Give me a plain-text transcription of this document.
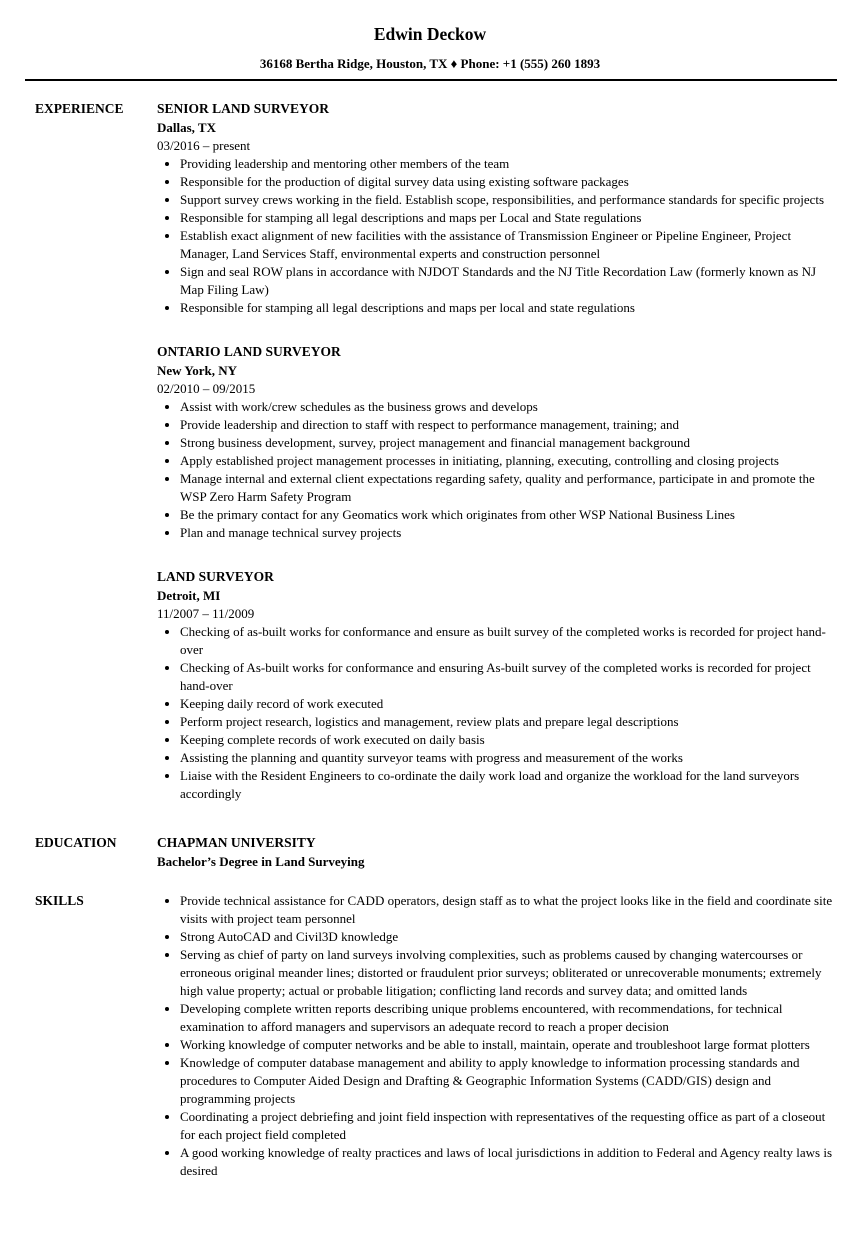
Edwin Deckow
36168 Bertha Ridge, Houston, TX ♦ Phone: +1 (555) 260 1893
EXPERIENCE	SENIOR LAND SURVEYOR
Dallas, TX
03/2016 – present
• Providing leadership and mentoring other members of the team
• Responsible for the production of digital survey data using existing software packages
• Support survey crews working in the field. Establish scope, responsibilities, and performance standards for specific projects
• Responsible for stamping all legal descriptions and maps per Local and State regulations
• Establish exact alignment of new facilities with the assistance of Transmission Engineer or Pipeline Engineer, Project Manager, Land Services Staff, environmental experts and construction personnel
• Sign and seal ROW plans in accordance with NJDOT Standards and the NJ Title Recordation Law (formerly known as NJ Map Filing Law)
• Responsible for stamping all legal descriptions and maps per local and state regulations
ONTARIO LAND SURVEYOR
New York, NY
02/2010 – 09/2015
• Assist with work/crew schedules as the business grows and develops
• Provide leadership and direction to staff with respect to performance management, training; and
• Strong business development, survey, project management and financial management background
• Apply established project management processes in initiating, planning, executing, controlling and closing projects
• Manage internal and external client expectations regarding safety, quality and performance, participate in and promote the WSP Zero Harm Safety Program
• Be the primary contact for any Geomatics work which originates from other WSP National Business Lines
• Plan and manage technical survey projects
LAND SURVEYOR
Detroit, MI
11/2007 – 11/2009
• Checking of as-built works for conformance and ensure as built survey of the completed works is recorded for project hand-over
• Checking of As-built works for conformance and ensuring As-built survey of the completed works is recorded for project hand-over
• Keeping daily record of work executed
• Perform project research, logistics and management, review plats and prepare legal descriptions
• Keeping complete records of work executed on daily basis
• Assisting the planning and quantity surveyor teams with progress and measurement of the works
• Liaise with the Resident Engineers to co-ordinate the daily work load and organize the workload for the land surveyors accordingly
EDUCATION	CHAPMAN UNIVERSITY
Bachelor’s Degree in Land Surveying
SKILLS	• Provide technical assistance for CADD operators, design staff as to what the project looks like in the field and coordinate site visits with project team personnel
• Strong AutoCAD and Civil3D knowledge
• Serving as chief of party on land surveys involving complexities, such as problems caused by changing watercourses or erroneous original meander lines; distorted or fraudulent prior surveys; obliterated or unrecoverable monuments; extremely high value property; actual or probable litigation; conflicting land records and survey data; and omitted lands
• Developing complete written reports describing unique problems encountered, with recommendations, for technical examination to afford managers and supervisors an adequate record to reach a proper decision
• Working knowledge of computer networks and be able to install, maintain, operate and troubleshoot large format plotters
• Knowledge of computer database management and ability to apply knowledge to information processing standards and procedures to Computer Aided Design and Drafting & Geographic Information Systems (CADD/GIS) design and programming projects
• Coordinating a project debriefing and joint field inspection with representatives of the requesting office as part of a closeout for each project field completed
• A good working knowledge of realty practices and laws of local jurisdictions in addition to Federal and Agency realty laws is desired
